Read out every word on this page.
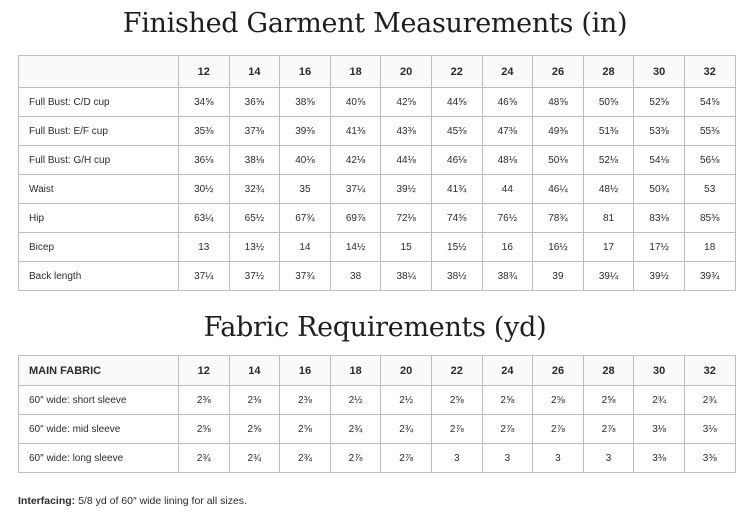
Finished Garment Measurements (in)
	12	14	16	18	20	22	24	26	28	30	32
Full Bust: C/D cup	34⅝	36⅝	38⅝	40⅝	42⅝	44⅝	46⅝	48⅝	50⅝	52⅝	54⅝
Full Bust: E/F cup	35⅜	37⅜	39⅜	41⅜	43⅜	45⅜	47⅜	49⅜	51⅜	53⅜	55⅜
Full Bust: G/H cup	36⅛	38⅛	40⅛	42⅛	44⅛	46⅛	48⅛	50⅛	52⅛	54⅛	56⅛
Waist	30½	32¾	35	37¼	39½	41¾	44	46¼	48½	50¾	53
Hip	63¼	65½	67¾	69⅞	72⅛	74⅜	76½	78¾	81	83⅛	85⅜
Bicep	13	13½	14	14½	15	15½	16	16½	17	17½	18
Back length	37¼	37½	37¾	38	38¼	38½	38¾	39	39¼	39½	39¾
Fabric Requirements (yd)
MAIN FABRIC	12	14	16	18	20	22	24	26	28	30	32
60″ wide: short sleeve	2⅜	2⅜	2⅜	2½	2½	2⅝	2⅝	2⅝	2⅝	2¾	2¾
60″ wide: mid sleeve	2⅝	2⅝	2⅝	2¾	2¾	2⅞	2⅞	2⅞	2⅞	3⅛	3⅛
60″ wide: long sleeve	2¾	2¾	2¾	2⅞	2⅞	3	3	3	3	3⅜	3⅜
Interfacing: 5/8 yd of 60″ wide lining for all sizes.
